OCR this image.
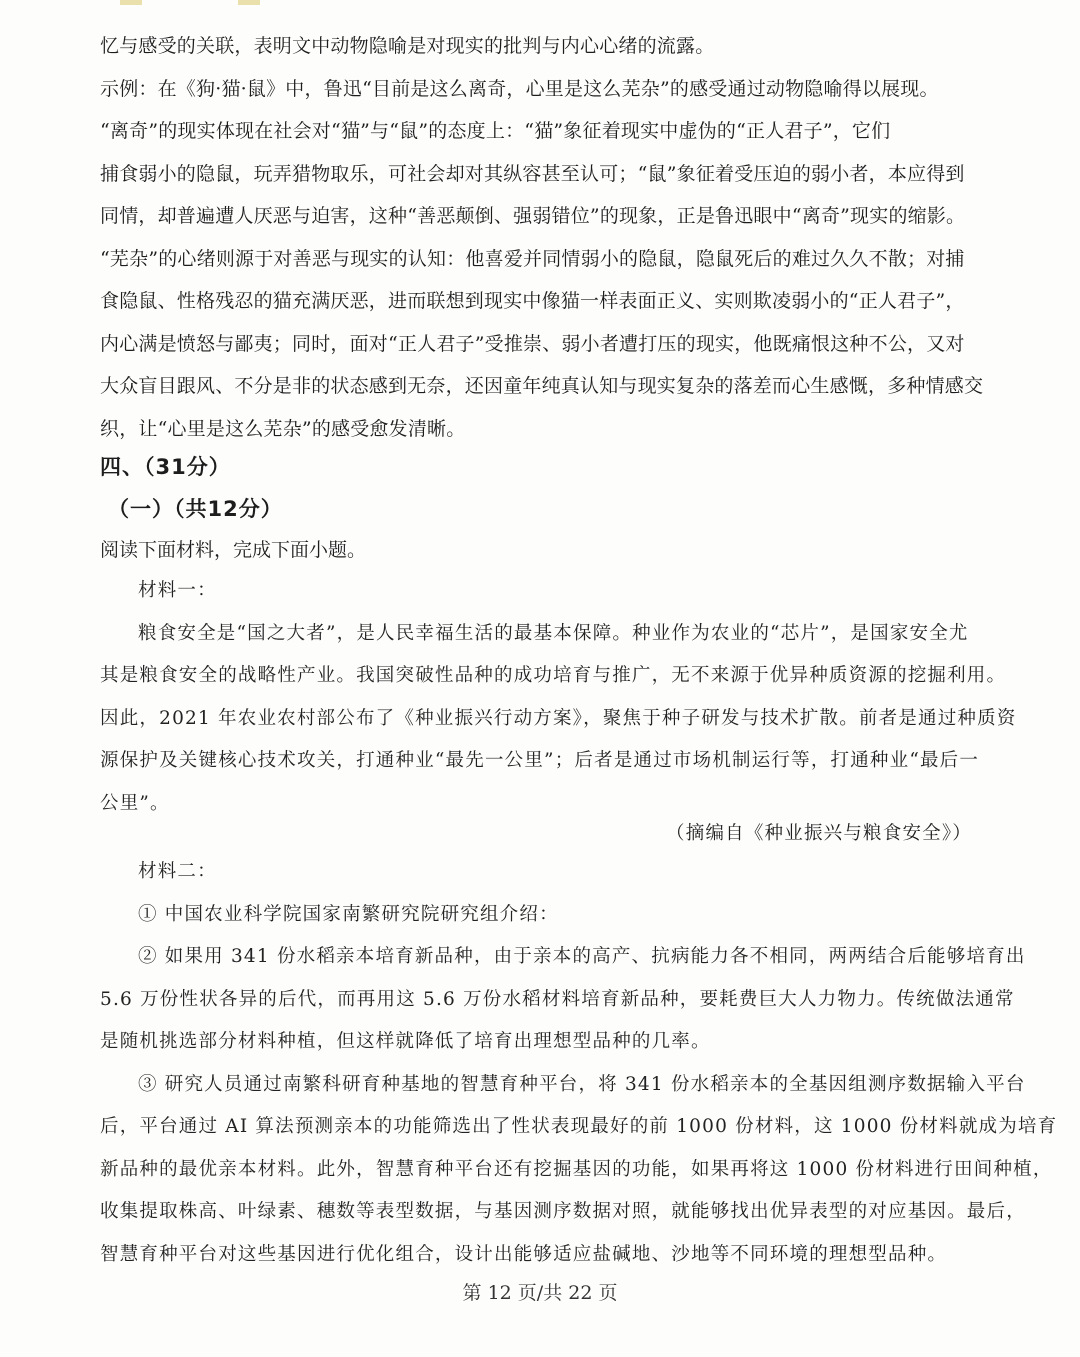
忆与感受的关联，表明文中动物隐喻是对现实的批判与内心心绪的流露。

示例：在《狗·猫·鼠》中，鲁迅“目前是这么离奇，心里是这么芜杂”的感受通过动物隐喻得以展现。

“离奇”的现实体现在社会对“猫”与“鼠”的态度上：“猫”象征着现实中虚伪的“正人君子”，它们

捕食弱小的隐鼠，玩弄猎物取乐，可社会却对其纵容甚至认可；“鼠”象征着受压迫的弱小者，本应得到

同情，却普遍遭人厌恶与迫害，这种“善恶颠倒、强弱错位”的现象，正是鲁迅眼中“离奇”现实的缩影。

“芜杂”的心绪则源于对善恶与现实的认知：他喜爱并同情弱小的隐鼠，隐鼠死后的难过久久不散；对捕

食隐鼠、性格残忍的猫充满厌恶，进而联想到现实中像猫一样表面正义、实则欺凌弱小的“正人君子”，

内心满是愤怒与鄙夷；同时，面对“正人君子”受推崇、弱小者遭打压的现实，他既痛恨这种不公，又对

大众盲目跟风、不分是非的状态感到无奈，还因童年纯真认知与现实复杂的落差而心生感慨，多种情感交

织，让“心里是这么芜杂”的感受愈发清晰。

四、（31分）
（一）（共12分）
阅读下面材料，完成下面小题。

材料一：

粮食安全是“国之大者”，是人民幸福生活的最基本保障。种业作为农业的“芯片”，是国家安全尤

其是粮食安全的战略性产业。我国突破性品种的成功培育与推广，无不来源于优异种质资源的挖掘利用。

因此，2021 年农业农村部公布了《种业振兴行动方案》，聚焦于种子研发与技术扩散。前者是通过种质资

源保护及关键核心技术攻关，打通种业“最先一公里”；后者是通过市场机制运行等，打通种业“最后一

公里”。

（摘编自《种业振兴与粮食安全》）

材料二：

① 中国农业科学院国家南繁研究院研究组介绍：

② 如果用 341 份水稻亲本培育新品种，由于亲本的高产、抗病能力各不相同，两两结合后能够培育出

5.6 万份性状各异的后代，而再用这 5.6 万份水稻材料培育新品种，要耗费巨大人力物力。传统做法通常

是随机挑选部分材料种植，但这样就降低了培育出理想型品种的几率。

③ 研究人员通过南繁科研育种基地的智慧育种平台，将 341 份水稻亲本的全基因组测序数据输入平台

后，平台通过 AI 算法预测亲本的功能筛选出了性状表现最好的前 1000 份材料，这 1000 份材料就成为培育

新品种的最优亲本材料。此外，智慧育种平台还有挖掘基因的功能，如果再将这 1000 份材料进行田间种植，

收集提取株高、叶绿素、穗数等表型数据，与基因测序数据对照，就能够找出优异表型的对应基因。最后，

智慧育种平台对这些基因进行优化组合，设计出能够适应盐碱地、沙地等不同环境的理想型品种。

第 12 页/共 22 页
